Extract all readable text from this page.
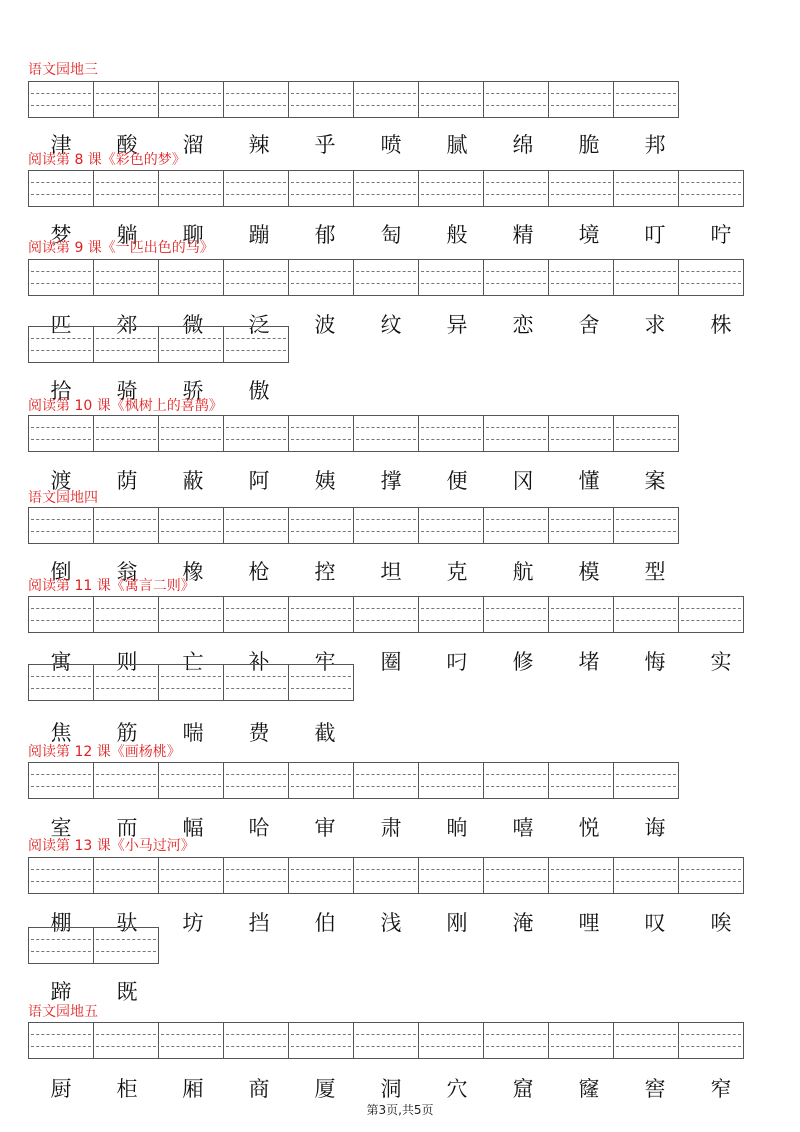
语文园地三
津	酸	溜	辣	乎	喷	腻	绵	脆	邦
阅读第 8 课《彩色的梦》
梦	躺	聊	蹦	郁	匋	般	精	境	叮	咛
阅读第 9 课《一匹出色的马》
匹	郊	微	泛	波	纹	异	恋	舍	求	株
拾	骑	骄	傲
阅读第 10 课《枫树上的喜鹊》
渡	荫	蔽	阿	姨	撑	便	冈	懂	案
语文园地四
倒	翁	橡	枪	控	坦	克	航	模	型
阅读第 11 课《寓言二则》
寓	则	亡	补	牢	圈	叼	修	堵	悔	实
焦	筋	喘	费	截
阅读第 12 课《画杨桃》
室	而	幅	哈	审	肃	晌	嘻	悦	诲
阅读第 13 课《小马过河》
棚	驮	坊	挡	伯	浅	刚	淹	哩	叹	唉
蹄	既
语文园地五
厨	柜	厢	商	厦	洞	穴	窟	窿	窖	窄
第3页,共5页
